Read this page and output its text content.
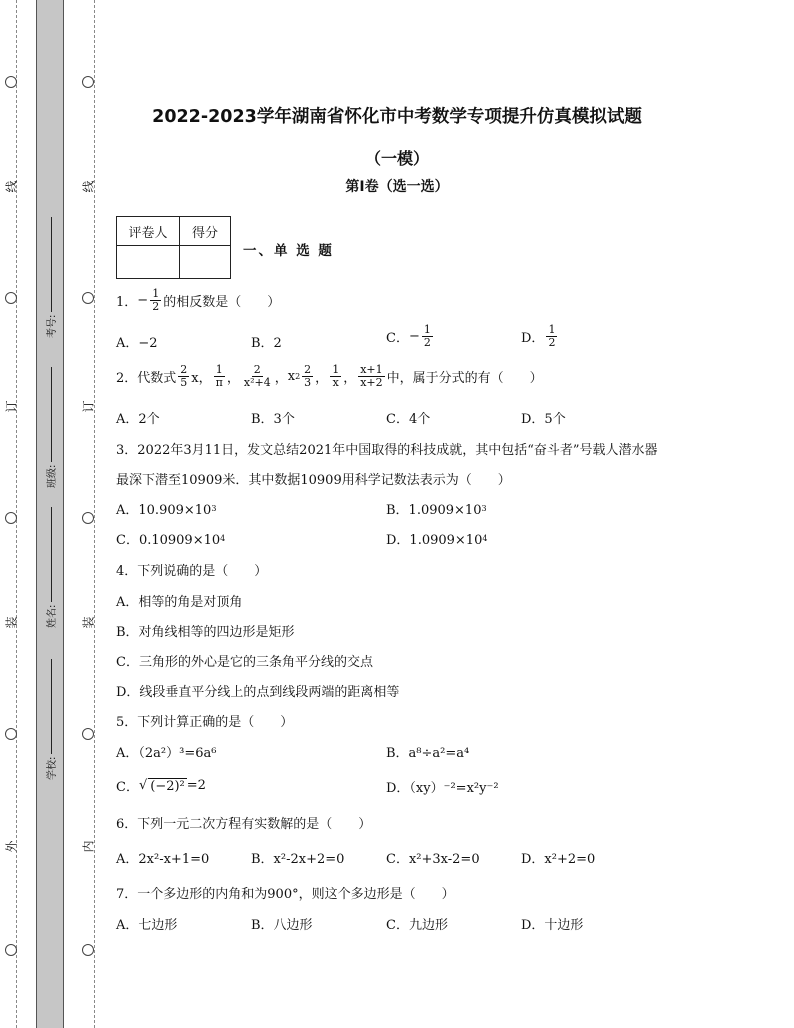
线
订
装
外
线
订
装
内
考号:
班级:
姓名:
学校:
2022-2023学年湖南省怀化市中考数学专项提升仿真模拟试题
（一模）
第I卷（选一选）
评卷人	得分

一、单 选 题
1． − $\frac{1}{2}$ 的相反数是（　　）
A．−2	B．2	C． − $\frac{1}{2}$	D． $\frac{1}{2}$
2．代数式 $\frac{2}{5}$ x， $\frac{1}{\pi}$ ， $\frac{2}{\text{x²+4}}$ ， x $2 \frac{2}{3}$ ， $\frac{1}{x}$ ， $\frac{x+1}{x+2}$ 中，属于分式的有（　　）
A．2个	B．3个	C．4个	D．5个
3．2022年3月11日，发文总结2021年中国取得的科技成就，其中包括“奋斗者”号载人潜水器
最深下潜至10909米．其中数据10909用科学记数法表示为（　　）
A．10.909×10 3	B．1.0909×10 3
C．0.10909×10 4	D．1.0909×10 4
4．下列说确的是（　　）
A．相等的角是对顶角
B．对角线相等的四边形是矩形
C．三角形的外心是它的三条角平分线的交点
D．线段垂直平分线上的点到线段两端的距离相等
5．下列计算正确的是（　　）
A．（2a²）³=6a⁶	B．a⁸÷a²=a⁴
C． √ (−2)² =2	D．（xy）⁻²=x²y⁻²
6．下列一元二次方程有实数解的是（　　）
A．2x²-x+1=0	B．x²-2x+2=0	C．x²+3x-2=0	D．x²+2=0
7．一个多边形的内角和为900°，则这个多边形是（　　）
A．七边形	B．八边形	C．九边形	D．十边形
